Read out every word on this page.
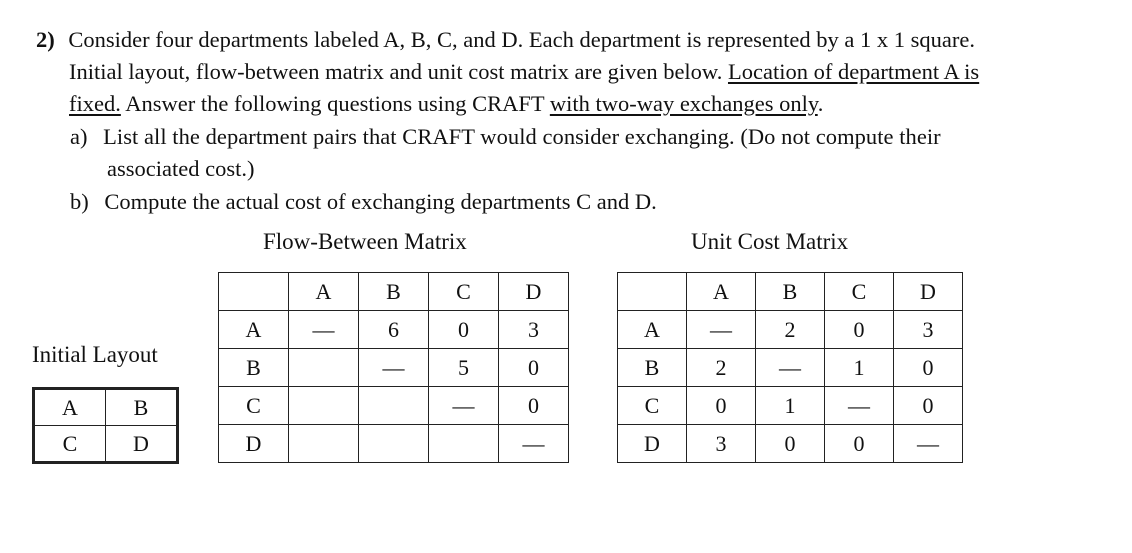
2) Consider four departments labeled A, B, C, and D. Each department is represented by a 1 x 1 square.
Initial layout, flow-between matrix and unit cost matrix are given below. Location of department A is
fixed. Answer the following questions using CRAFT with two-way exchanges only.
a) List all the department pairs that CRAFT would consider exchanging. (Do not compute their
associated cost.)
b) Compute the actual cost of exchanging departments C and D.
Flow-Between Matrix	Unit Cost Matrix
Initial Layout
	A	B	C	D
A	—	6	0	3
B		—	5	0
C			—	0
D				—
	A	B	C	D
A	—	2	0	3
B	2	—	1	0
C	0	1	—	0
D	3	0	0	—
A	B
C	D
